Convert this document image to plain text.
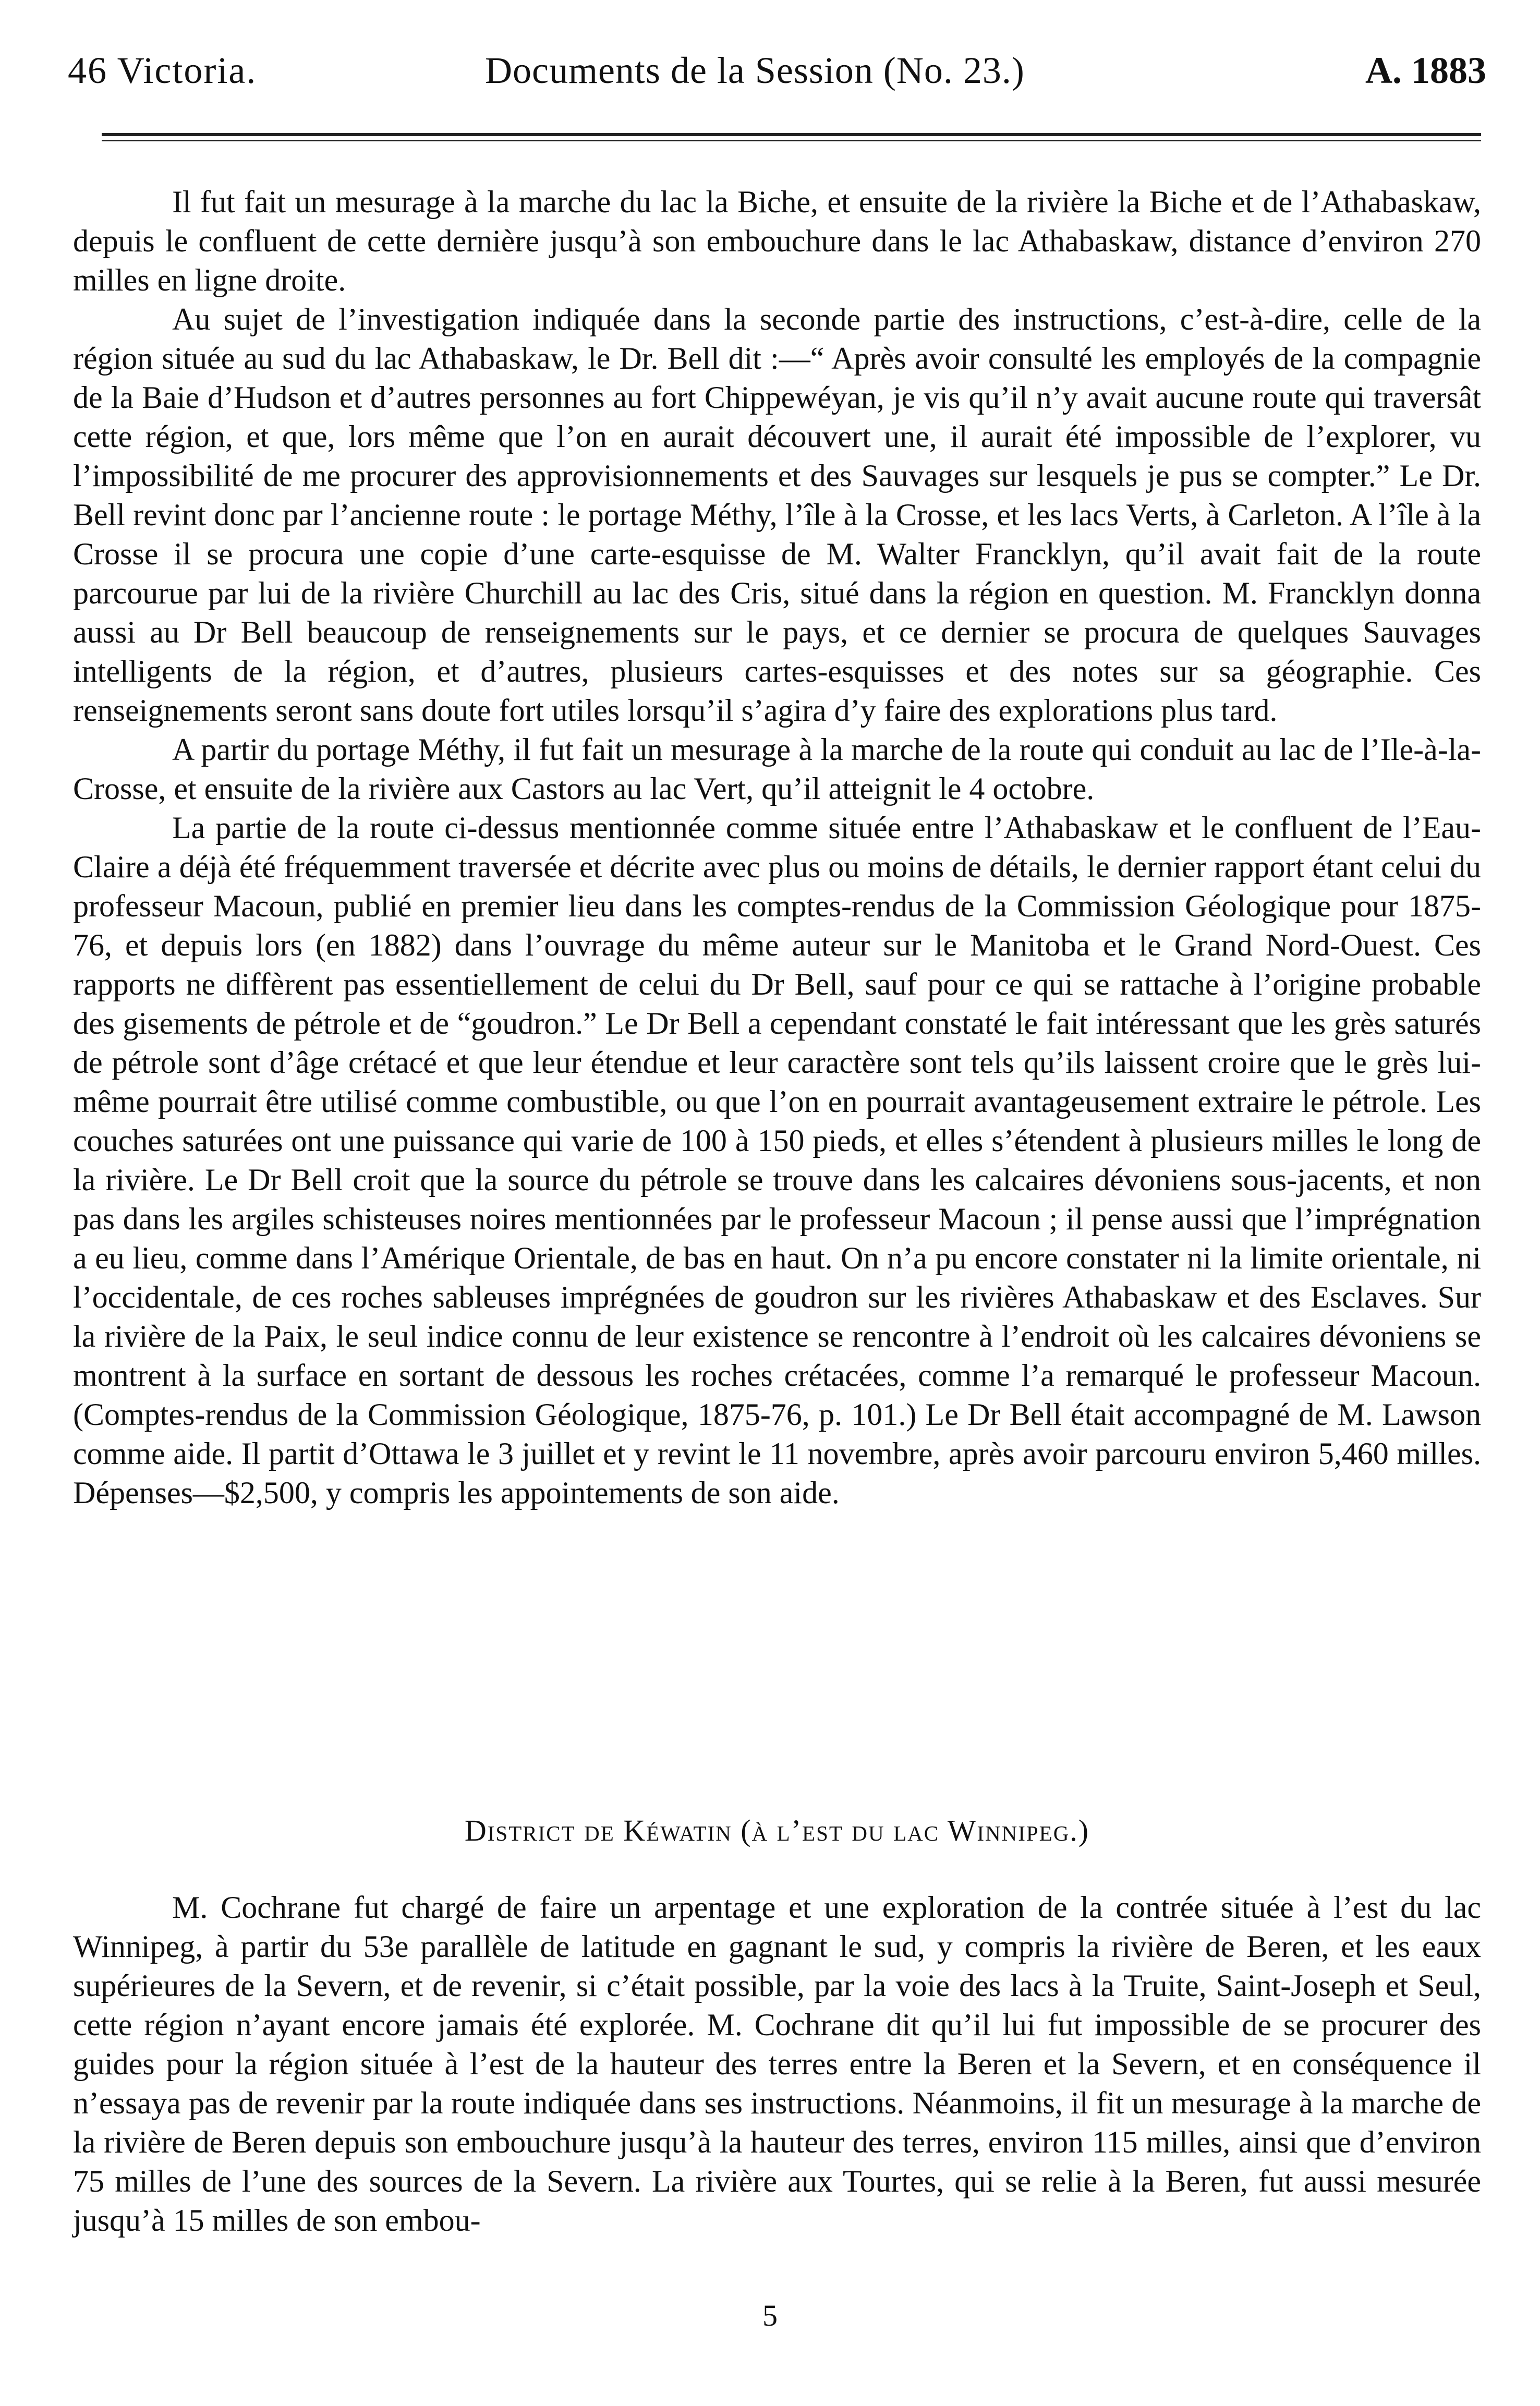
46 Victoria.	Documents de la Session (No. 23.)	A. 1883

Il fut fait un mesurage à la marche du lac la Biche, et ensuite de la rivière la Biche et de l’Athabaskaw, depuis le confluent de cette dernière jusqu’à son embouchure dans le lac Athabaskaw, distance d’environ 270 milles en ligne droite.

Au sujet de l’investigation indiquée dans la seconde partie des instructions, c’est-à-dire, celle de la région située au sud du lac Athabaskaw, le Dr. Bell dit :—“ Après avoir consulté les employés de la compagnie de la Baie d’Hudson et d’autres personnes au fort Chippewéyan, je vis qu’il n’y avait aucune route qui traversât cette région, et que, lors même que l’on en aurait découvert une, il aurait été impossible de l’explorer, vu l’impossibilité de me procurer des approvisionnements et des Sauvages sur lesquels je pus se compter.” Le Dr. Bell revint donc par l’ancienne route : le portage Méthy, l’île à la Crosse, et les lacs Verts, à Carleton. A l’île à la Crosse il se procura une copie d’une carte-esquisse de M. Walter Francklyn, qu’il avait fait de la route parcourue par lui de la rivière Churchill au lac des Cris, situé dans la région en question. M. Francklyn donna aussi au Dr Bell beaucoup de renseignements sur le pays, et ce dernier se procura de quelques Sauvages intelligents de la région, et d’autres, plusieurs cartes-esquisses et des notes sur sa géographie. Ces renseignements seront sans doute fort utiles lorsqu’il s’agira d’y faire des explorations plus tard.

A partir du portage Méthy, il fut fait un mesurage à la marche de la route qui conduit au lac de l’Ile-à-la-Crosse, et ensuite de la rivière aux Castors au lac Vert, qu’il atteignit le 4 octobre.

La partie de la route ci-dessus mentionnée comme située entre l’Athabaskaw et le confluent de l’Eau-Claire a déjà été fréquemment traversée et décrite avec plus ou moins de détails, le dernier rapport étant celui du professeur Macoun, publié en premier lieu dans les comptes-rendus de la Commission Géologique pour 1875-76, et depuis lors (en 1882) dans l’ouvrage du même auteur sur le Manitoba et le Grand Nord-Ouest. Ces rapports ne diffèrent pas essentiellement de celui du Dr Bell, sauf pour ce qui se rattache à l’origine probable des gisements de pétrole et de “goudron.” Le Dr Bell a cependant constaté le fait intéressant que les grès saturés de pétrole sont d’âge crétacé et que leur étendue et leur caractère sont tels qu’ils laissent croire que le grès lui-même pourrait être utilisé comme combustible, ou que l’on en pourrait avantageusement extraire le pétrole. Les couches saturées ont une puissance qui varie de 100 à 150 pieds, et elles s’étendent à plusieurs milles le long de la rivière. Le Dr Bell croit que la source du pétrole se trouve dans les calcaires dévoniens sous-jacents, et non pas dans les argiles schisteuses noires mentionnées par le professeur Macoun ; il pense aussi que l’imprégnation a eu lieu, comme dans l’Amérique Orientale, de bas en haut. On n’a pu encore constater ni la limite orientale, ni l’occidentale, de ces roches sableuses imprégnées de goudron sur les rivières Athabaskaw et des Esclaves. Sur la rivière de la Paix, le seul indice connu de leur existence se rencontre à l’endroit où les calcaires dévoniens se montrent à la surface en sortant de dessous les roches crétacées, comme l’a remarqué le professeur Macoun. (Comptes-rendus de la Commission Géologique, 1875-76, p. 101.) Le Dr Bell était accompagné de M. Lawson comme aide. Il partit d’Ottawa le 3 juillet et y revint le 11 novembre, après avoir parcouru environ 5,460 milles. Dépenses—$2,500, y compris les appointements de son aide.

District de Kéwatin (à l’est du lac Winnipeg.)

M. Cochrane fut chargé de faire un arpentage et une exploration de la contrée située à l’est du lac Winnipeg, à partir du 53e parallèle de latitude en gagnant le sud, y compris la rivière de Beren, et les eaux supérieures de la Severn, et de revenir, si c’était possible, par la voie des lacs à la Truite, Saint-Joseph et Seul, cette région n’ayant encore jamais été explorée. M. Cochrane dit qu’il lui fut impossible de se procurer des guides pour la région située à l’est de la hauteur des terres entre la Beren et la Severn, et en conséquence il n’essaya pas de revenir par la route indiquée dans ses instructions. Néanmoins, il fit un mesurage à la marche de la rivière de Beren depuis son embouchure jusqu’à la hauteur des terres, environ 115 milles, ainsi que d’environ 75 milles de l’une des sources de la Severn. La rivière aux Tourtes, qui se relie à la Beren, fut aussi mesurée jusqu’à 15 milles de son embou-

5
